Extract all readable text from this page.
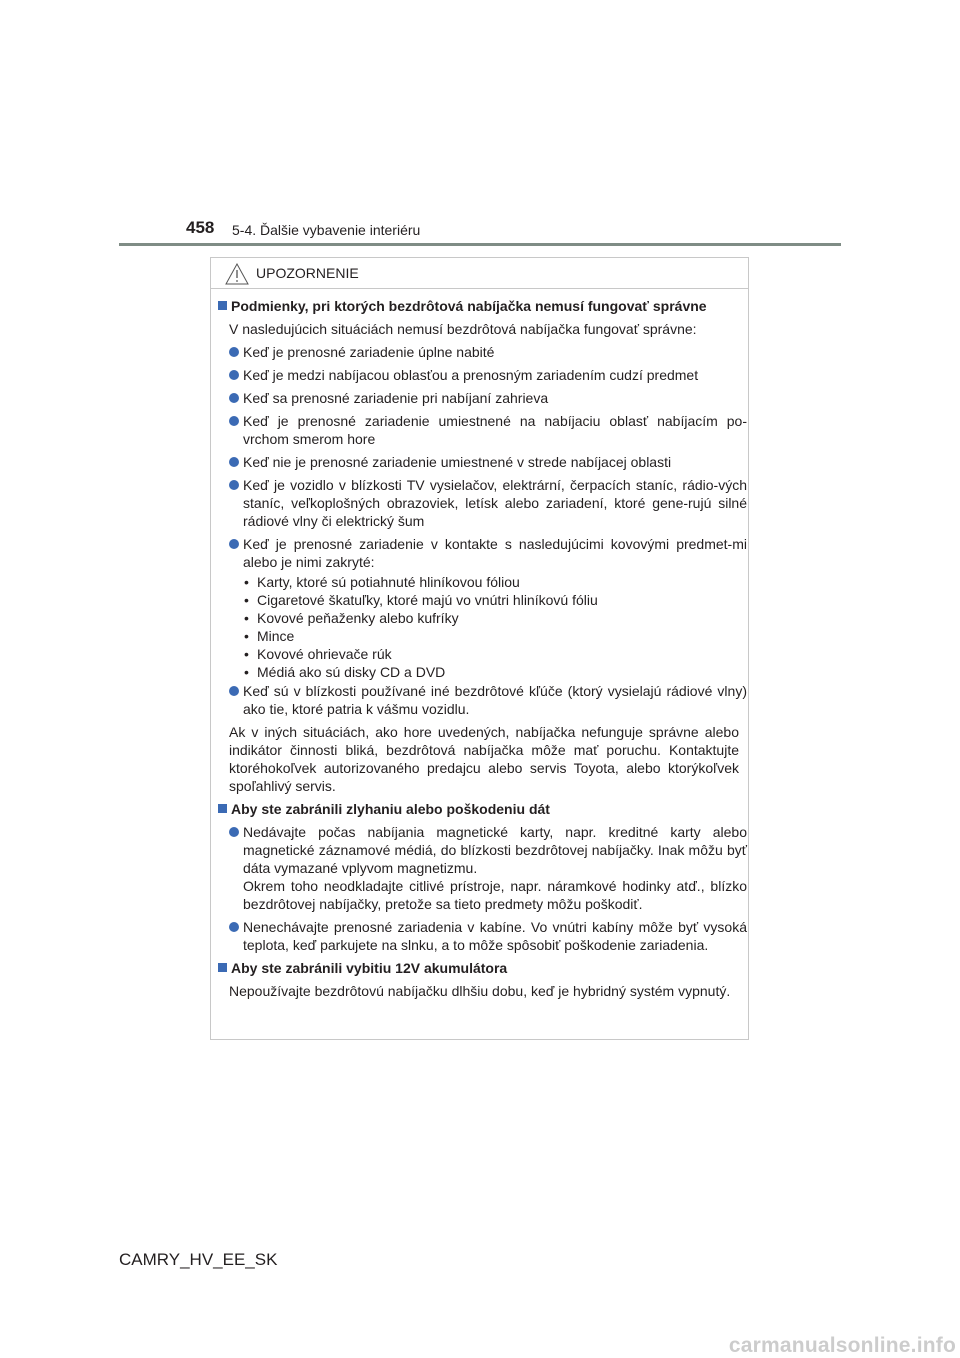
458 5-4. Ďalšie vybavenie interiéru
UPOZORNENIE
Podmienky, pri ktorých bezdrôtová nabíjačka nemusí fungovať správne
V nasledujúcich situáciách nemusí bezdrôtová nabíjačka fungovať správne:
Keď je prenosné zariadenie úplne nabité
Keď je medzi nabíjacou oblasťou a prenosným zariadením cudzí predmet
Keď sa prenosné zariadenie pri nabíjaní zahrieva
Keď je prenosné zariadenie umiestnené na nabíjaciu oblasť nabíjacím po-vrchom smerom hore
Keď nie je prenosné zariadenie umiestnené v strede nabíjacej oblasti
Keď je vozidlo v blízkosti TV vysielačov, elektrární, čerpacích staníc, rádio-vých staníc, veľkoplošných obrazoviek, letísk alebo zariadení, ktoré gene-rujú silné rádiové vlny či elektrický šum
Keď je prenosné zariadenie v kontakte s nasledujúcimi kovovými predmet-mi alebo je nimi zakryté:
• Karty, ktoré sú potiahnuté hliníkovou fóliou
• Cigaretové škatuľky, ktoré majú vo vnútri hliníkovú fóliu
• Kovové peňaženky alebo kufríky
• Mince
• Kovové ohrievače rúk
• Médiá ako sú disky CD a DVD
Keď sú v blízkosti používané iné bezdrôtové kľúče (ktorý vysielajú rádiové vlny) ako tie, ktoré patria k vášmu vozidlu.
Ak v iných situáciách, ako hore uvedených, nabíjačka nefunguje správne alebo indikátor činnosti bliká, bezdrôtová nabíjačka môže mať poruchu. Kontaktujte ktoréhokoľvek autorizovaného predajcu alebo servis Toyota, alebo ktorýkoľvek spoľahlivý servis.
Aby ste zabránili zlyhaniu alebo poškodeniu dát
Nedávajte počas nabíjania magnetické karty, napr. kreditné karty alebo magnetické záznamové médiá, do blízkosti bezdrôtovej nabíjačky. Inak môžu byť dáta vymazané vplyvom magnetizmu.
Okrem toho neodkladajte citlivé prístroje, napr. náramkové hodinky atď., blízko bezdrôtovej nabíjačky, pretože sa tieto predmety môžu poškodiť.
Nenechávajte prenosné zariadenia v kabíne. Vo vnútri kabíny môže byť vysoká teplota, keď parkujete na slnku, a to môže spôsobiť poškodenie zariadenia.
Aby ste zabránili vybitiu 12V akumulátora
Nepoužívajte bezdrôtovú nabíjačku dlhšiu dobu, keď je hybridný systém vypnutý.
CAMRY_HV_EE_SK
carmanualsonline.info
